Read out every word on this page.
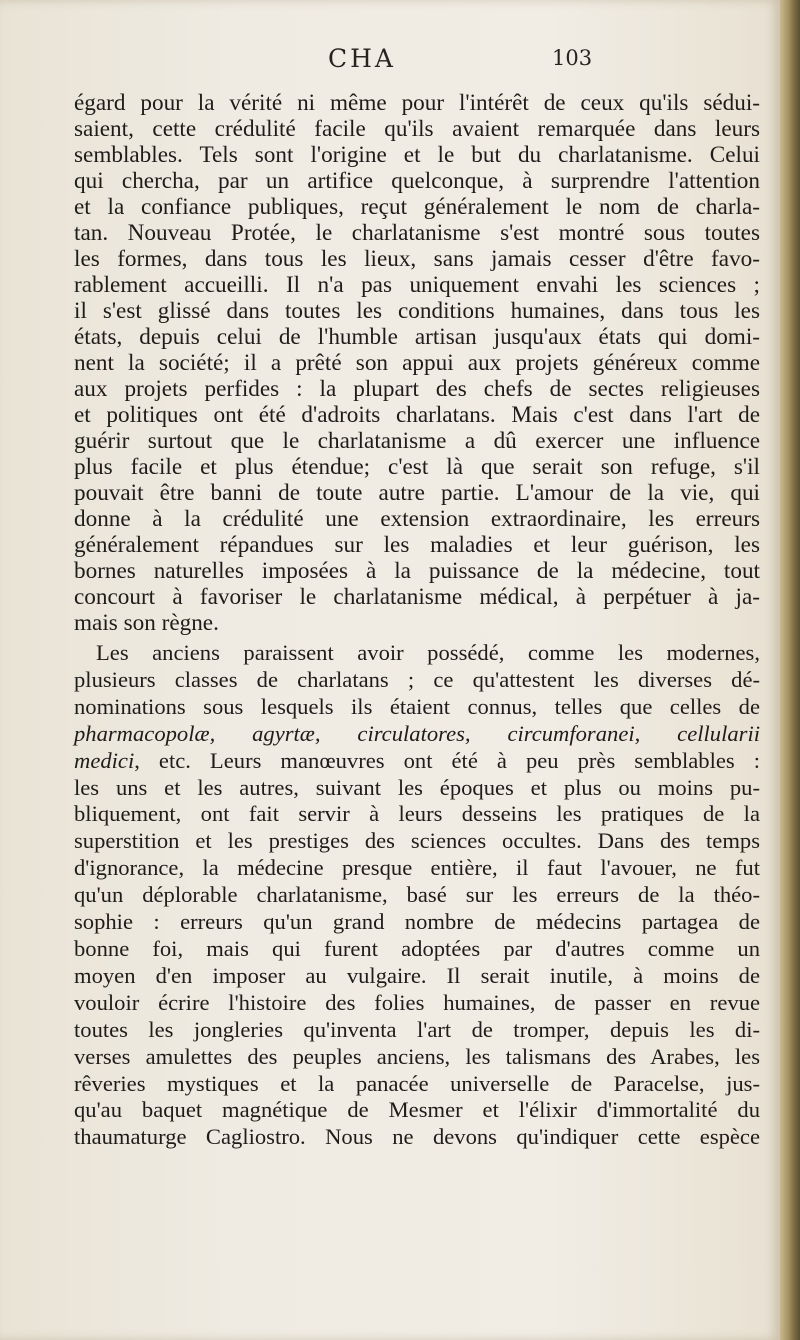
CHA	103
égard pour la vérité ni même pour l'intérêt de ceux qu'ils sédui-
saient, cette crédulité facile qu'ils avaient remarquée dans leurs
semblables. Tels sont l'origine et le but du charlatanisme. Celui
qui chercha, par un artifice quelconque, à surprendre l'attention
et la confiance publiques, reçut généralement le nom de charla-
tan. Nouveau Protée, le charlatanisme s'est montré sous toutes
les formes, dans tous les lieux, sans jamais cesser d'être favo-
rablement accueilli. Il n'a pas uniquement envahi les sciences ;
il s'est glissé dans toutes les conditions humaines, dans tous les
états, depuis celui de l'humble artisan jusqu'aux états qui domi-
nent la société; il a prêté son appui aux projets généreux comme
aux projets perfides : la plupart des chefs de sectes religieuses
et politiques ont été d'adroits charlatans. Mais c'est dans l'art de
guérir surtout que le charlatanisme a dû exercer une influence
plus facile et plus étendue; c'est là que serait son refuge, s'il
pouvait être banni de toute autre partie. L'amour de la vie, qui
donne à la crédulité une extension extraordinaire, les erreurs
généralement répandues sur les maladies et leur guérison, les
bornes naturelles imposées à la puissance de la médecine, tout
concourt à favoriser le charlatanisme médical, à perpétuer à ja-
mais son règne.
Les anciens paraissent avoir possédé, comme les modernes,
plusieurs classes de charlatans ; ce qu'attestent les diverses dé-
nominations sous lesquels ils étaient connus, telles que celles de
pharmacopolæ, agyrtæ, circulatores, circumforanei, cellularii
medici, etc. Leurs manœuvres ont été à peu près semblables :
les uns et les autres, suivant les époques et plus ou moins pu-
bliquement, ont fait servir à leurs desseins les pratiques de la
superstition et les prestiges des sciences occultes. Dans des temps
d'ignorance, la médecine presque entière, il faut l'avouer, ne fut
qu'un déplorable charlatanisme, basé sur les erreurs de la théo-
sophie : erreurs qu'un grand nombre de médecins partagea de
bonne foi, mais qui furent adoptées par d'autres comme un
moyen d'en imposer au vulgaire. Il serait inutile, à moins de
vouloir écrire l'histoire des folies humaines, de passer en revue
toutes les jongleries qu'inventa l'art de tromper, depuis les di-
verses amulettes des peuples anciens, les talismans des Arabes, les
rêveries mystiques et la panacée universelle de Paracelse, jus-
qu'au baquet magnétique de Mesmer et l'élixir d'immortalité du
thaumaturge Cagliostro. Nous ne devons qu'indiquer cette espèce
